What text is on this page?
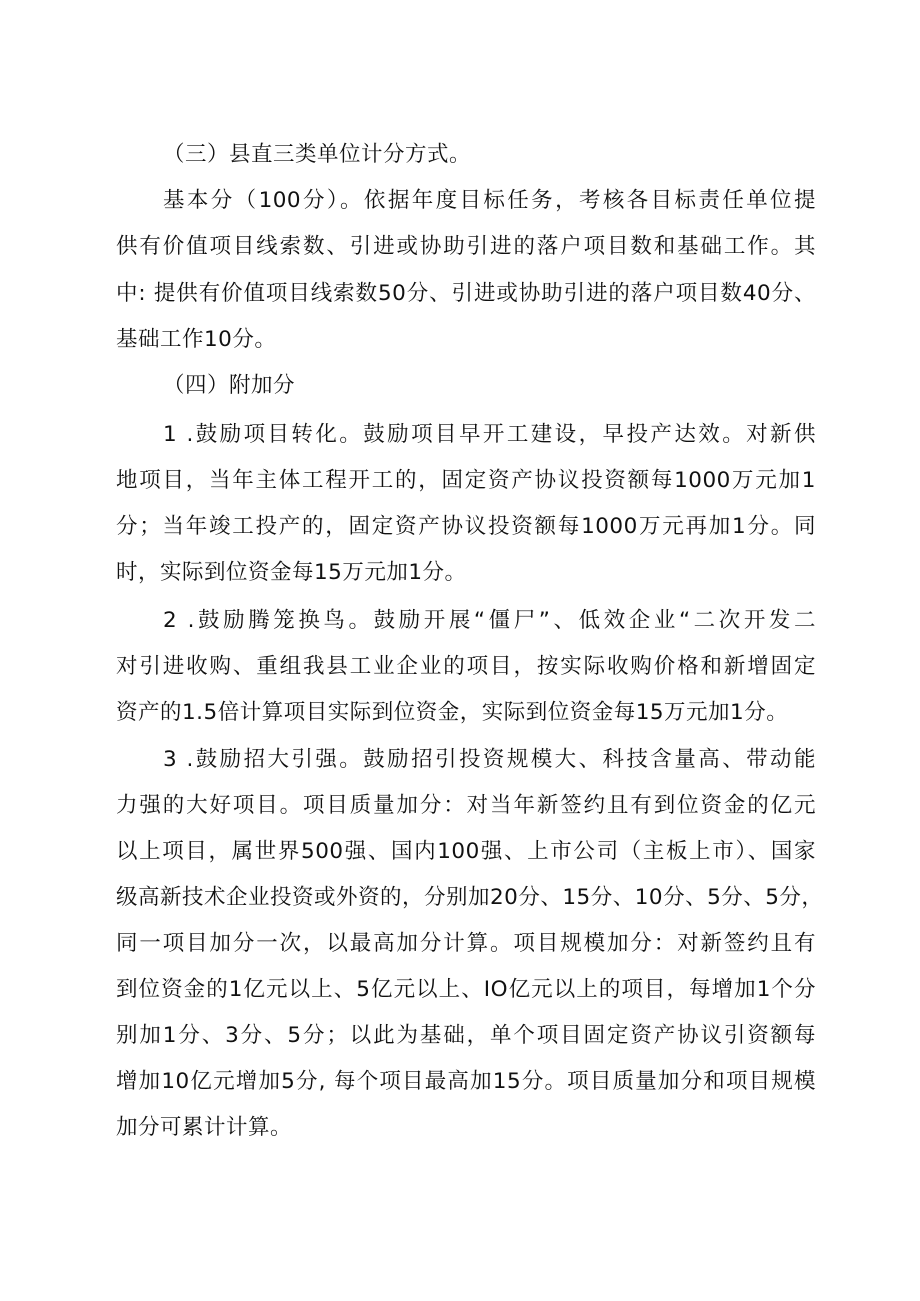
（三）县直三类单位计分方式。
基本分（100分）。依据年度目标任务，考核各目标责任单位提
供有价值项目线索数、引进或协助引进的落户项目数和基础工作。其
中: 提供有价值项目线索数50分、引进或协助引进的落户项目数40分、
基础工作10分。
（四）附加分
1 .鼓励项目转化。鼓励项目早开工建设，早投产达效。对新供
地项目，当年主体工程开工的，固定资产协议投资额每1000万元加1
分；当年竣工投产的，固定资产协议投资额每1000万元再加1分。同
时，实际到位资金每15万元加1分。
2 .鼓励腾笼换鸟。鼓励开展“僵尸”、低效企业“二次开发二
对引进收购、重组我县工业企业的项目，按实际收购价格和新增固定
资产的1.5倍计算项目实际到位资金，实际到位资金每15万元加1分。
3 .鼓励招大引强。鼓励招引投资规模大、科技含量高、带动能
力强的大好项目。项目质量加分：对当年新签约且有到位资金的亿元
以上项目，属世界500强、国内100强、上市公司（主板上市）、国家
级高新技术企业投资或外资的，分别加20分、15分、10分、5分、5分，
同一项目加分一次，以最高加分计算。项目规模加分：对新签约且有
到位资金的1亿元以上、5亿元以上、IO亿元以上的项目，每增加1个分
别加1分、3分、5分；以此为基础，单个项目固定资产协议引资额每
增加10亿元增加5分, 每个项目最高加15分。项目质量加分和项目规模
加分可累计计算。
